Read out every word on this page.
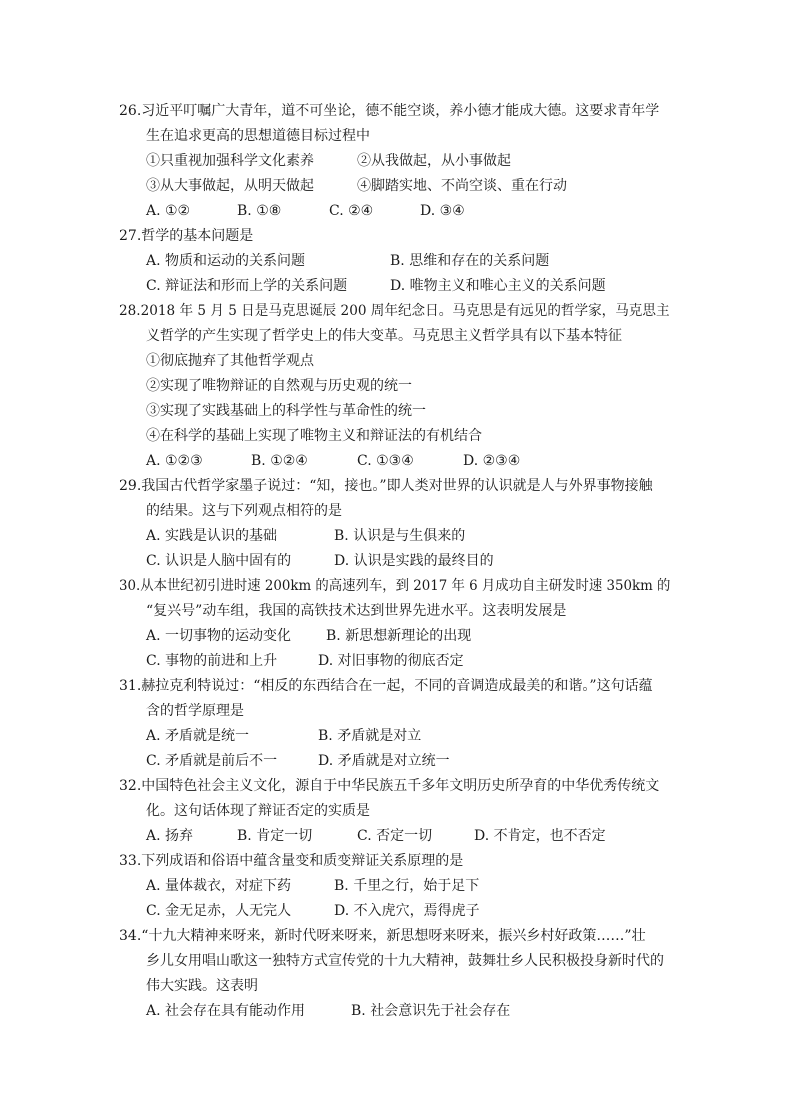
26.习近平叮嘱广大青年，道不可坐论，德不能空谈，养小德才能成大德。这要求青年学
生在追求更高的思想道德目标过程中
①只重视加强科学文化素养	②从我做起，从小事做起
③从大事做起，从明天做起	④脚踏实地、不尚空谈、重在行动
A. ①②	B. ①⑧	C. ②④	D. ③④
27.哲学的基本问题是
A. 物质和运动的关系问题	B. 思维和存在的关系问题
C. 辩证法和形而上学的关系问题	D. 唯物主义和唯心主义的关系问题
28.2018 年 5 月 5 日是马克思诞辰 200 周年纪念日。马克思是有远见的哲学家，马克思主
义哲学的产生实现了哲学史上的伟大变革。马克思主义哲学具有以下基本特征
①彻底抛弃了其他哲学观点
②实现了唯物辩证的自然观与历史观的统一
③实现了实践基础上的科学性与革命性的统一
④在科学的基础上实现了唯物主义和辩证法的有机结合
A. ①②③	B. ①②④	C. ①③④	D. ②③④
29.我国古代哲学家墨子说过：“知，接也。”即人类对世界的认识就是人与外界事物接触
的结果。这与下列观点相符的是
A. 实践是认识的基础	B. 认识是与生俱来的
C. 认识是人脑中固有的	D. 认识是实践的最终目的
30.从本世纪初引进时速 200km 的高速列车，到 2017 年 6 月成功自主研发时速 350km 的
“复兴号”动车组，我国的高铁技术达到世界先进水平。这表明发展是
A. 一切事物的运动变化 B. 新思想新理论的出现
C. 事物的前进和上升	D. 对旧事物的彻底否定
31.赫拉克利特说过：“相反的东西结合在一起，不同的音调造成最美的和谐。”这句话蕴
含的哲学原理是
A. 矛盾就是统一	B. 矛盾就是对立
C. 矛盾就是前后不一	D. 矛盾就是对立统一
32.中国特色社会主义文化，源自于中华民族五千多年文明历史所孕育的中华优秀传统文
化。这句话体现了辩证否定的实质是
A. 扬弃	B. 肯定一切	C. 否定一切	D. 不肯定，也不否定
33.下列成语和俗语中蕴含量变和质变辩证关系原理的是
A. 量体裁衣，对症下药	B. 千里之行，始于足下
C. 金无足赤，人无完人	D. 不入虎穴，焉得虎子
34.“十九大精神来呀来，新时代呀来呀来，新思想呀来呀来，振兴乡村好政策……”壮
乡儿女用唱山歌这一独特方式宣传党的十九大精神，鼓舞壮乡人民积极投身新时代的
伟大实践。这表明
A. 社会存在具有能动作用	B. 社会意识先于社会存在
